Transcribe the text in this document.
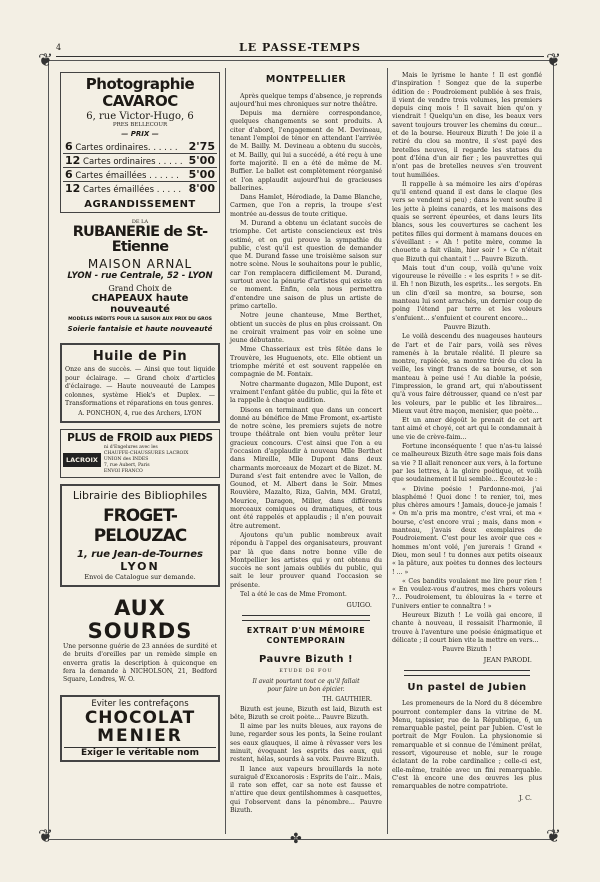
4	LE PASSE-TEMPS
❦	❦
❦	❦
✤
Photographie CAVAROC
6, rue Victor-Hugo, 6
PRES BELLECOUR
— PRIX —
6 Cartes ordinaires. . . . . . 2'75
12 Cartes ordinaires . . . . . 5'00
6 Cartes émaillées . . . . . . 5'00
12 Cartes émaillées . . . . . 8'00
AGRANDISSEMENT
DE LA
RUBANERIE de St-Etienne
MAISON ARNAL
LYON - rue Centrale, 52 - LYON
Grand Choix de
CHAPEAUX haute nouveauté
MODÈLES INÉDITS POUR LA SAISON AUX PRIX DU GROS
Soierie fantaisie et haute nouveauté
Huile de Pin
Onze ans de succès. — Ainsi que tout liquide pour éclairage. — Grand choix d'articles d'éclairage. — Haute nouveauté de Lampes colonnes, système Hiek's et Duplex. — Transformations et réparations en tous genres.
A. PONCHON, 4, rue des Archers, LYON
PLUS de FROID aux PIEDS
LACROIX
ni d'Engelures avec les
CHAUFFE-CHAUSSURES LACROIX
UNION des INDES
7, rue Aubert, Paris
ENVOI FRANCO
Librairie des Bibliophiles
FROGET-PELOUZAC
1, rue Jean-de-Tournes
LYON
Envoi de Catalogue sur demande.
AUX SOURDS
Une personne guérie de 23 années de surdité et de bruits d'oreilles par un remède simple en enverra gratis la description à quiconque en fera la demande à NICHOLSON, 21, Bedford Square, Londres, W. O.
Eviter les contrefaçons
CHOCOLAT
MENIER
Exiger le véritable nom
MONTPELLIER

Après quelque temps d'absence, je reprends aujourd'hui mes chroniques sur notre théâtre.

Depuis ma dernière correspondance, quelques changements se sont produits. A citer d'abord, l'engagement de M. Devineau, tenant l'emploi de ténor en attendant l'arrivée de M. Bailly. M. Devineau a obtenu du succès, et M. Bailly, qui lui a succédé, a été reçu à une forte majorité. Il en a été de même de M. Buffier. Le ballet est complètement réorganisé et l'on applaudit aujourd'hui de gracieuses ballerines.

Dans Hamlet, Hérodiade, la Dame Blanche, Carmen, que l'on a repris, la troupe s'est montrée au-dessus de toute critique.

M. Durand a obtenu un éclatant succès de triomphe. Cet artiste consciencieux est très estimé, et on gui prouve la sympathie du public, c'est qu'il est question de demander que M. Durand fasse une troisième saison sur notre scène. Nous le souhaitons pour le public, car l'on remplacera difficilement M. Durand, surtout avec la pénurie d'artistes qui existe en ce moment. Enfin, cela nous permettra d'entendre une saison de plus un artiste de primo cartello.

Notre jeune chanteuse, Mme Berthet, obtient un succès de plus en plus croissant. On ne croirait vraiment pas voir en scène une jeune débutante.

Mme Chasseriaux est très fêtée dans le Trouvère, les Huguenots, etc. Elle obtient un triomphe mérité et est souvent rappelée en compagnie de M. Fontaix.

Notre charmante dugazon, Mlle Dupont, est vraiment l'enfant gâtée du public, qui la fête et la rappelle à chaque audition.

Disons en terminant que dans un concert donné au bénéfice de Mme Fromont, ex-artiste de notre scène, les premiers sujets de notre troupe théâtrale ont bien voulu prêter leur gracieux concours. C'est ainsi que l'on a eu l'occasion d'applaudir à nouveau Mlle Berthet dans Mireille, Mlle Dupont dans deux charmants morceaux de Mozart et de Bizet. M. Durand s'est fait entendre avec le Vallon, de Gounod, et M. Albert dans le Soir. Mmes Rouvière, Mazalto, Riza, Galvin, MM. Gratzl, Meurice, Daragon, Miller, dans différents morceaux comiques ou dramatiques, et tous ont été rappelés et applaudis ; il n'en pouvait être autrement.

Ajoutons qu'un public nombreux avait répondu à l'appel des organisateurs, prouvant par là que dans notre bonne ville de Montpellier les artistes qui y ont obtenu du succès ne sont jamais oubliés du public, qui sait le leur prouver quand l'occasion se présente.

Tel a été le cas de Mme Fromont.

GUIGO.
EXTRAIT D'UN MÉMOIRE CONTEMPORAIN
Pauvre Bizuth !
ETUDE DE FOU
Il avait pourtant tout ce qu'il fallait pour faire un bon épicier.
TH. GAUTHIER.

Bizuth est jeune, Bizuth est laid, Bizuth est bête, Bizuth se croit poète... Pauvre Bizuth.

Il aime par les nuits bleues, aux rayons de lune, regarder sous les ponts, la Seine roulant ses eaux glauques, il aime à rêvasser vers les minuit, évoquant les esprits des eaux, qui restent, hélas, sourds à sa voix. Pauvre Bizuth.

Il lance aux vapeurs brouillards la note suraiguë d'Excanorosis : Esprits de l'air... Mais, il rate son effet, car sa note est fausse et n'attire que deux gentilshommes à casquettes, qui l'observent dans la pénombre... Pauvre Bizuth.

Mais le lyrisme le hante ! Il est gonflé d'inspiration ! Songez que de la superbe édition de : Poudroiement publiée à ses frais, il vient de vendre trois volumes, les premiers depuis cinq mois ! Il savait bien qu'on y viendrait ! Quelqu'un en dise, les beaux vers savent toujours trouver les chemins du cœur... et de la bourse. Heureux Bizuth ! De joie il a retiré du clou sa montre, il s'est payé des bretelles neuves, il regarde les statues du pont d'Iéna d'un air fier ; les pauvrettes qui n'ont pas de bretelles neuves s'en trouvent tout humiliées.

Il rappelle à sa mémoire les airs d'opéras qu'il entend quand il est dans le claque (les vers se vendent si peu) ; dans le vent soufre il les jette à pleins canards, et les maisons des quais se serrent épeurées, et dans leurs lits blancs, sous les couvertures se cachent les petites filles qui dorment à mamans douces en s'éveillant : « Ah ! petite mère, comme la chouette a fait vilain, hier soir ! » Ce n'était que Bizuth qui chantait ! ... Pauvre Bizuth.

Mais tout d'un coup, voilà qu'une voix vigoureuse le réveille : « les esprits ! » se dit-il. Eh ! non Bizuth, les esprits... les sergots. En un clin d'œil sa montre, sa bourse, son manteau lui sont arrachés, un dernier coup de poing l'étend par terre et les voleurs s'enfuient... s'enfuient et courent encore...

Pauvre Bizuth.

Le voilà descendu des nuageuses hauteurs de l'art et de l'air pars, voilà ses rêves ramenés à la brutale réalité. Il pleure sa montre, rapiécée, sa montre tirée du clou la veille, les vingt francs de sa bourse, et son manteau à peine usé ! Au diable la poésie, l'impression, le grand art, qui n'aboutissent qu'à vous faire détrousser, quand ce n'est par les voleurs, par le public et les libraires... Mieux vaut être maçon, menisier, que poète...

Et un amer dégoût le prenait de cet art tant aimé et choyé, cet art qui le condamnait à une vie de crève-faim...

Fortune inconséquente ! que n'as-tu laissé ce malheureux Bizuth être sage mais fois dans sa vie ? Il allait renoncer aux vers, à la fortune par les lettres, à la gloire poétique, et voilà que soudainement il lui semble... Ecoutez-le :

« Divine poésie ! Pardonne-moi, j'ai blasphémé ! Quoi donc ! te renier, toi, mes plus chères amours ! Jamais, douce-je jamais ! « On m'a pris ma montre, c'est vrai, et ma « bourse, c'est encore vrai ; mais, dans mon « manteau, j'avais deux exemplaires de Poudroiement. C'est pour les avoir que ces « hommes m'ont volé, j'en jurerais ! Grand « Dieu, mon seul ! tu donnes aux petits oiseaux « la pâture, aux poètes tu donnes des lecteurs ! ... »

« Ces bandits voulaient me lire pour rien ! « En voulez-vous d'autres, mes chers voleurs ?... Poudroiement, tu éblouiras la « terre et l'univers entier te connaîtra ! »

Heureux Bizuth ! Le voilà gai encore, il chante à nouveau, il ressaisit l'harmonie, il trouve à l'aventure une poésie énigmatique et délicate ; il court bien vite la mettre en vers...

Pauvre Bizuth !

JEAN PARODI.
Un pastel de Jubien

Les promeneurs de la Nord du 8 décembre pourront contempler dans la vitrine de M. Menu, tapissier, rue de la République, 6, un remarquable pastel, peint par Jubien. C'est le portrait de Mgr Foulon. La physionomie si remarquable et si connue de l'éminent prélat, ressort, vigoureuse et noble, sur le rouge éclatant de la robe cardinalice ; celle-ci est, elle-même, traitée avec un fini remarquable. C'est là encore une des œuvres les plus remarquables de notre compatriote.

J. C.
